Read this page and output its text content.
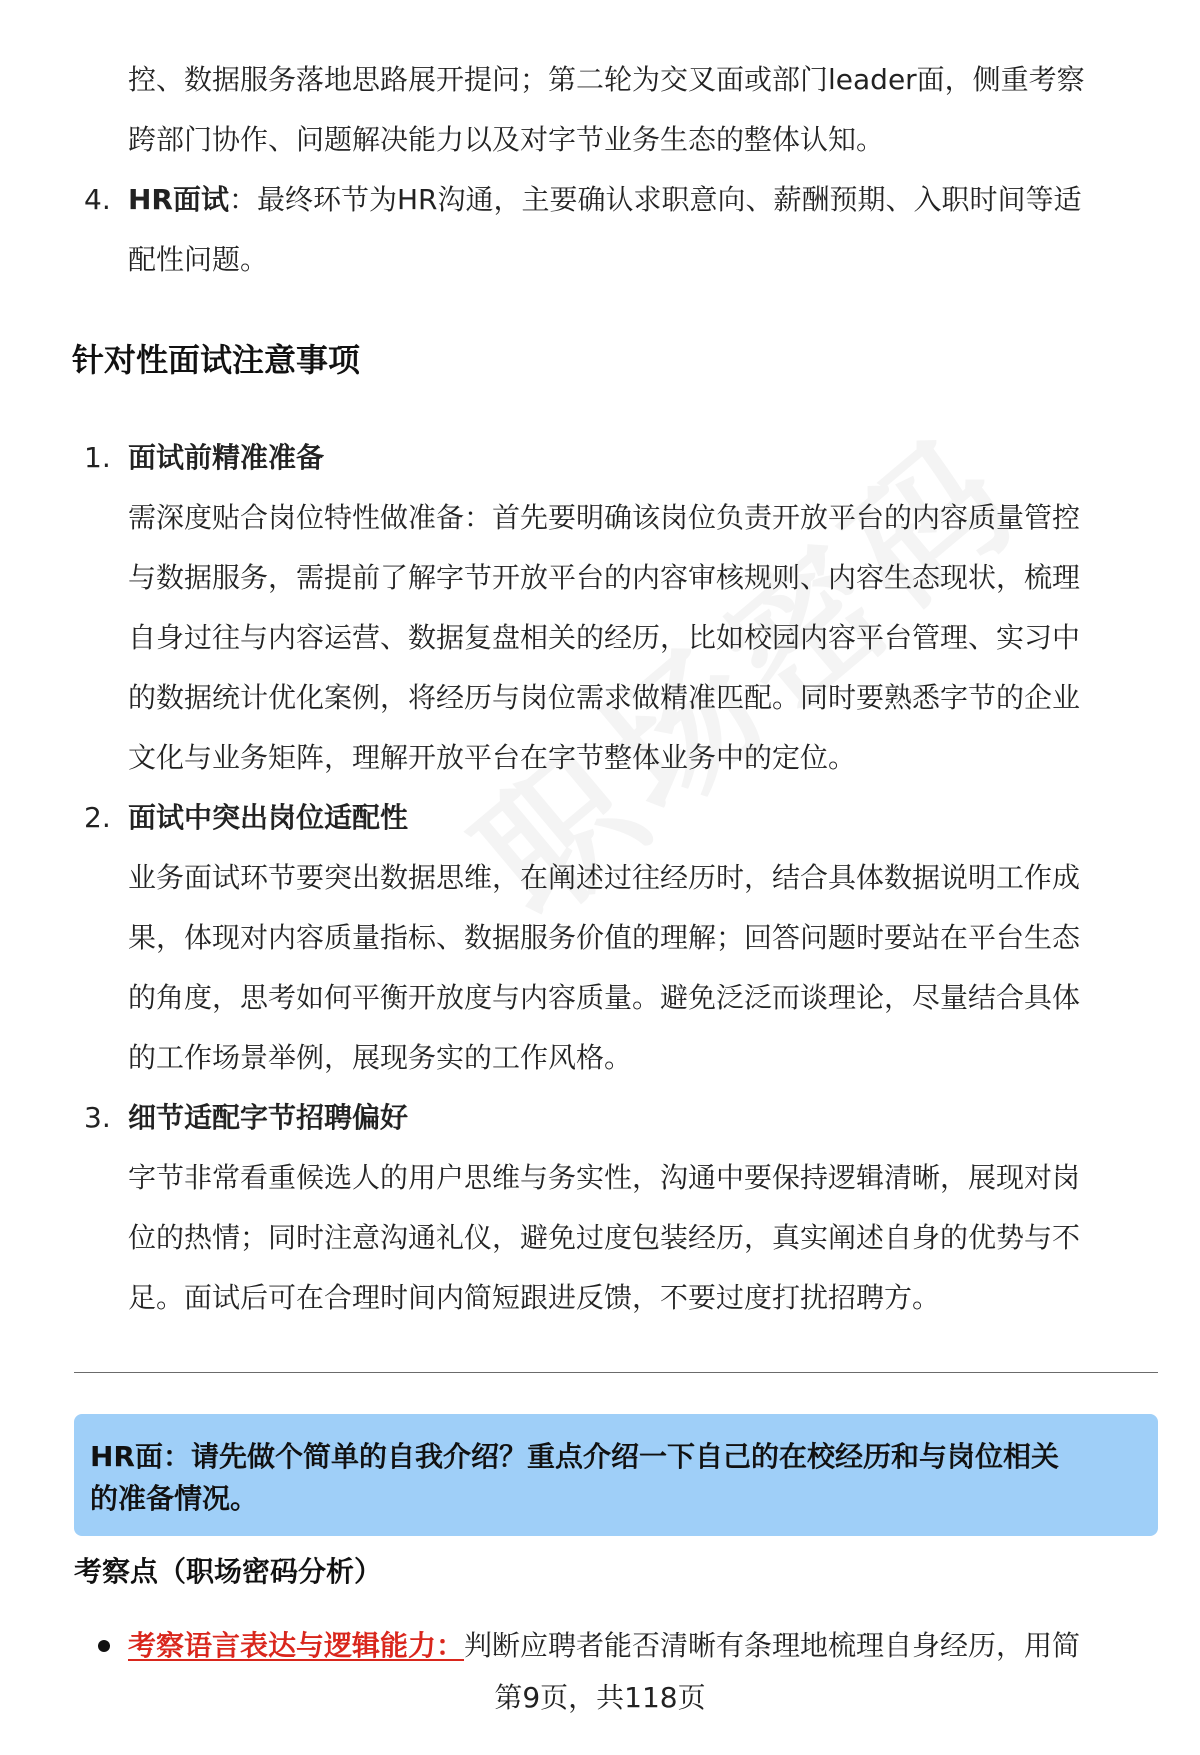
控、数据服务落地思路展开提问；第二轮为交叉面或部门leader面，侧重考察
跨部门协作、问题解决能力以及对字节业务生态的整体认知。
4. HR面试：最终环节为HR沟通，主要确认求职意向、薪酬预期、入职时间等适
配性问题。
针对性面试注意事项
1. 面试前精准准备
需深度贴合岗位特性做准备：首先要明确该岗位负责开放平台的内容质量管控
与数据服务，需提前了解字节开放平台的内容审核规则、内容生态现状，梳理
自身过往与内容运营、数据复盘相关的经历，比如校园内容平台管理、实习中
的数据统计优化案例，将经历与岗位需求做精准匹配。同时要熟悉字节的企业
文化与业务矩阵，理解开放平台在字节整体业务中的定位。
2. 面试中突出岗位适配性
业务面试环节要突出数据思维，在阐述过往经历时，结合具体数据说明工作成
果，体现对内容质量指标、数据服务价值的理解；回答问题时要站在平台生态
的角度，思考如何平衡开放度与内容质量。避免泛泛而谈理论，尽量结合具体
的工作场景举例，展现务实的工作风格。
3. 细节适配字节招聘偏好
字节非常看重候选人的用户思维与务实性，沟通中要保持逻辑清晰，展现对岗
位的热情；同时注意沟通礼仪，避免过度包装经历，真实阐述自身的优势与不
足。面试后可在合理时间内简短跟进反馈，不要过度打扰招聘方。
HR面：请先做个简单的自我介绍？重点介绍一下自己的在校经历和与岗位相关
的准备情况。
考察点（职场密码分析）
考察语言表达与逻辑能力：判断应聘者能否清晰有条理地梳理自身经历，用简
第9页，共118页
